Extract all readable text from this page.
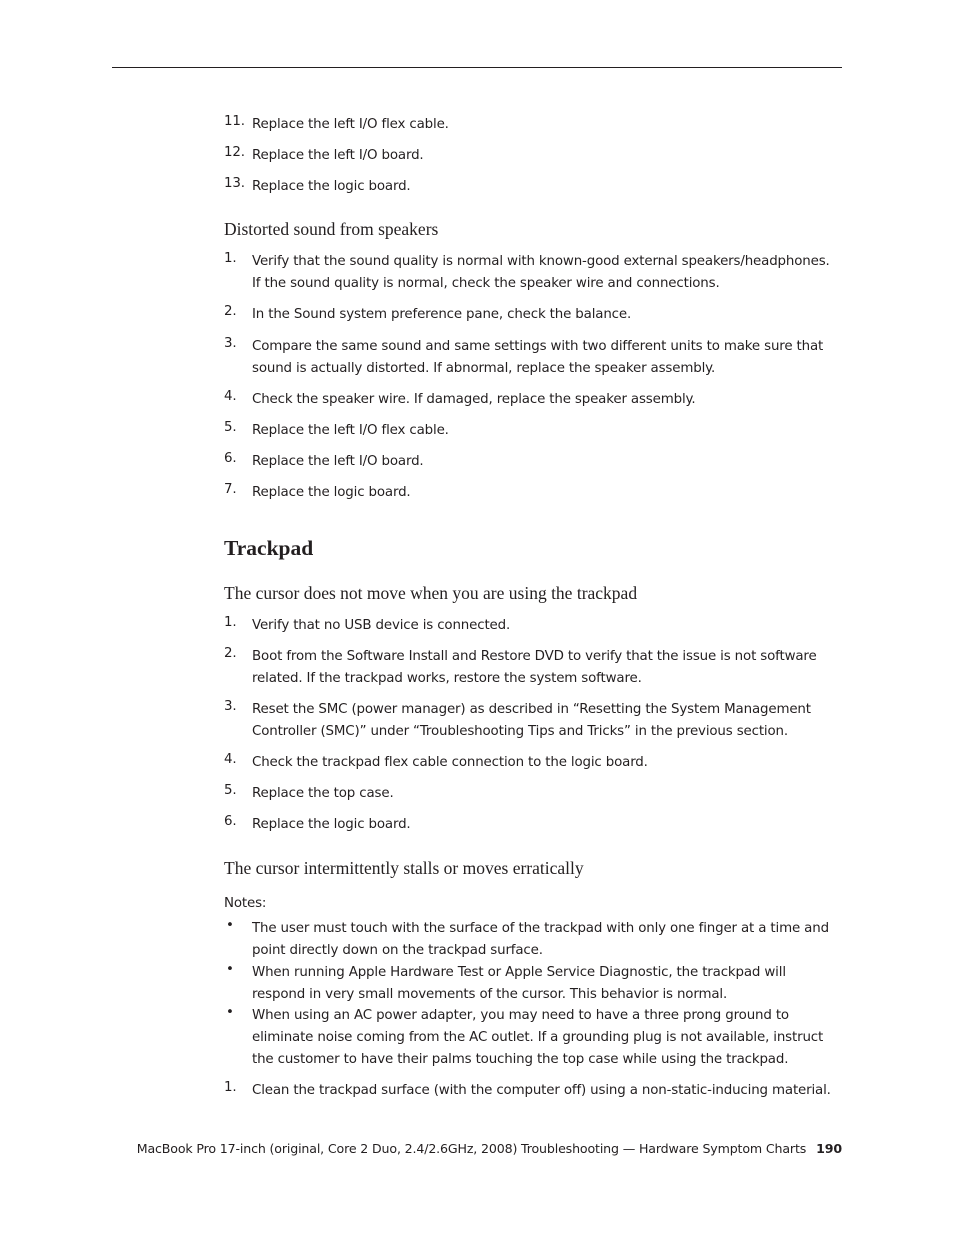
11. Replace the left I/O flex cable.
12. Replace the left I/O board.
13. Replace the logic board.
Distorted sound from speakers
1. Verify that the sound quality is normal with known-good external speakers/headphones. If the sound quality is normal, check the speaker wire and connections.
2. In the Sound system preference pane, check the balance.
3. Compare the same sound and same settings with two different units to make sure that sound is actually distorted. If abnormal, replace the speaker assembly.
4. Check the speaker wire. If damaged, replace the speaker assembly.
5. Replace the left I/O flex cable.
6. Replace the left I/O board.
7. Replace the logic board.
Trackpad
The cursor does not move when you are using the trackpad
1. Verify that no USB device is connected.
2. Boot from the Software Install and Restore DVD to verify that the issue is not software related. If the trackpad works, restore the system software.
3. Reset the SMC (power manager) as described in “Resetting the System Management Controller (SMC)” under “Troubleshooting Tips and Tricks” in the previous section.
4. Check the trackpad flex cable connection to the logic board.
5. Replace the top case.
6. Replace the logic board.
The cursor intermittently stalls or moves erratically
Notes:
• The user must touch with the surface of the trackpad with only one finger at a time and point directly down on the trackpad surface.
• When running Apple Hardware Test or Apple Service Diagnostic, the trackpad will respond in very small movements of the cursor. This behavior is normal.
• When using an AC power adapter, you may need to have a three prong ground to eliminate noise coming from the AC outlet. If a grounding plug is not available, instruct the customer to have their palms touching the top case while using the trackpad.
1. Clean the trackpad surface (with the computer off) using a non-static-inducing material.
MacBook Pro 17-inch (original, Core 2 Duo, 2.4/2.6GHz, 2008) Troubleshooting — Hardware Symptom Charts 190
